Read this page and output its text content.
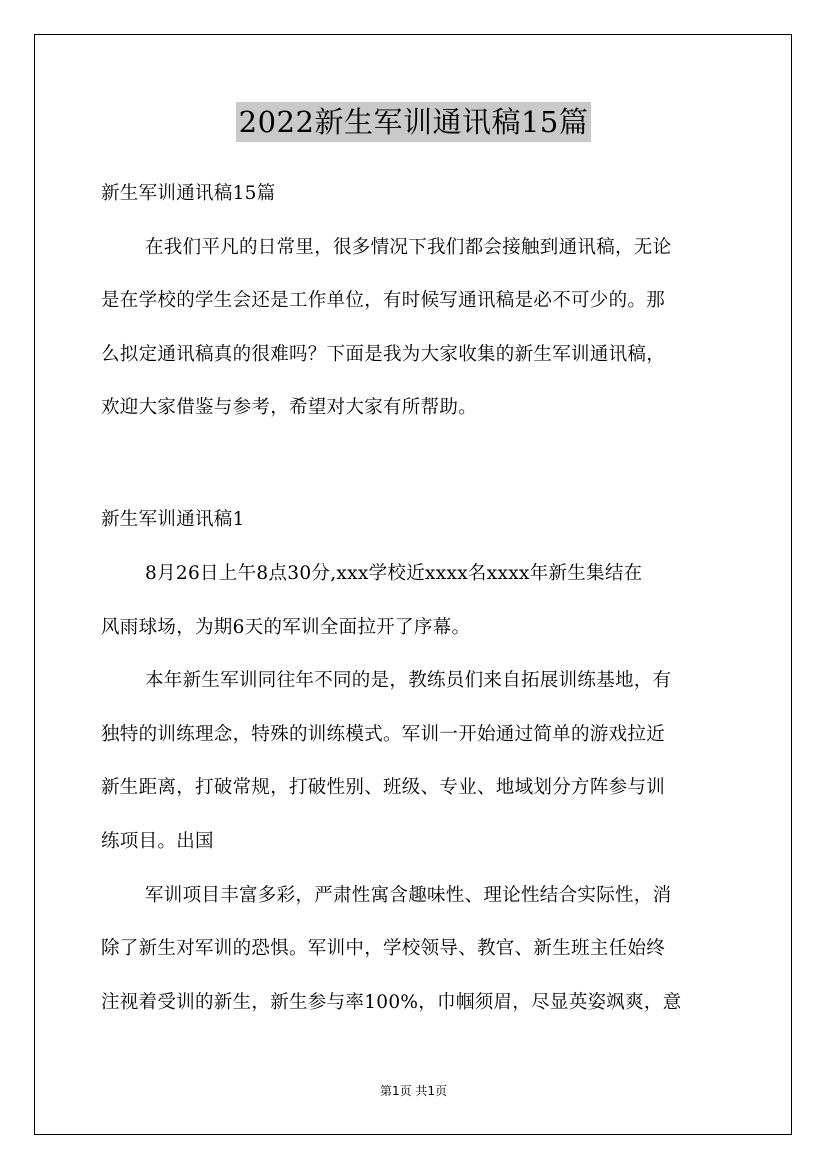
2022新生军训通讯稿15篇
新生军训通讯稿15篇
在我们平凡的日常里，很多情况下我们都会接触到通讯稿，无论
是在学校的学生会还是工作单位，有时候写通讯稿是必不可少的。那
么拟定通讯稿真的很难吗？下面是我为大家收集的新生军训通讯稿，
欢迎大家借鉴与参考，希望对大家有所帮助。
新生军训通讯稿1
8月26日上午8点30分,xxx学校近xxxx名xxxx年新生集结在
风雨球场，为期6天的军训全面拉开了序幕。
本年新生军训同往年不同的是，教练员们来自拓展训练基地，有
独特的训练理念，特殊的训练模式。军训一开始通过简单的游戏拉近
新生距离，打破常规，打破性别、班级、专业、地域划分方阵参与训
练项目。出国
军训项目丰富多彩，严肃性寓含趣味性、理论性结合实际性，消
除了新生对军训的恐惧。军训中，学校领导、教官、新生班主任始终
注视着受训的新生，新生参与率100%，巾帼须眉，尽显英姿飒爽，意
第1页 共1页
